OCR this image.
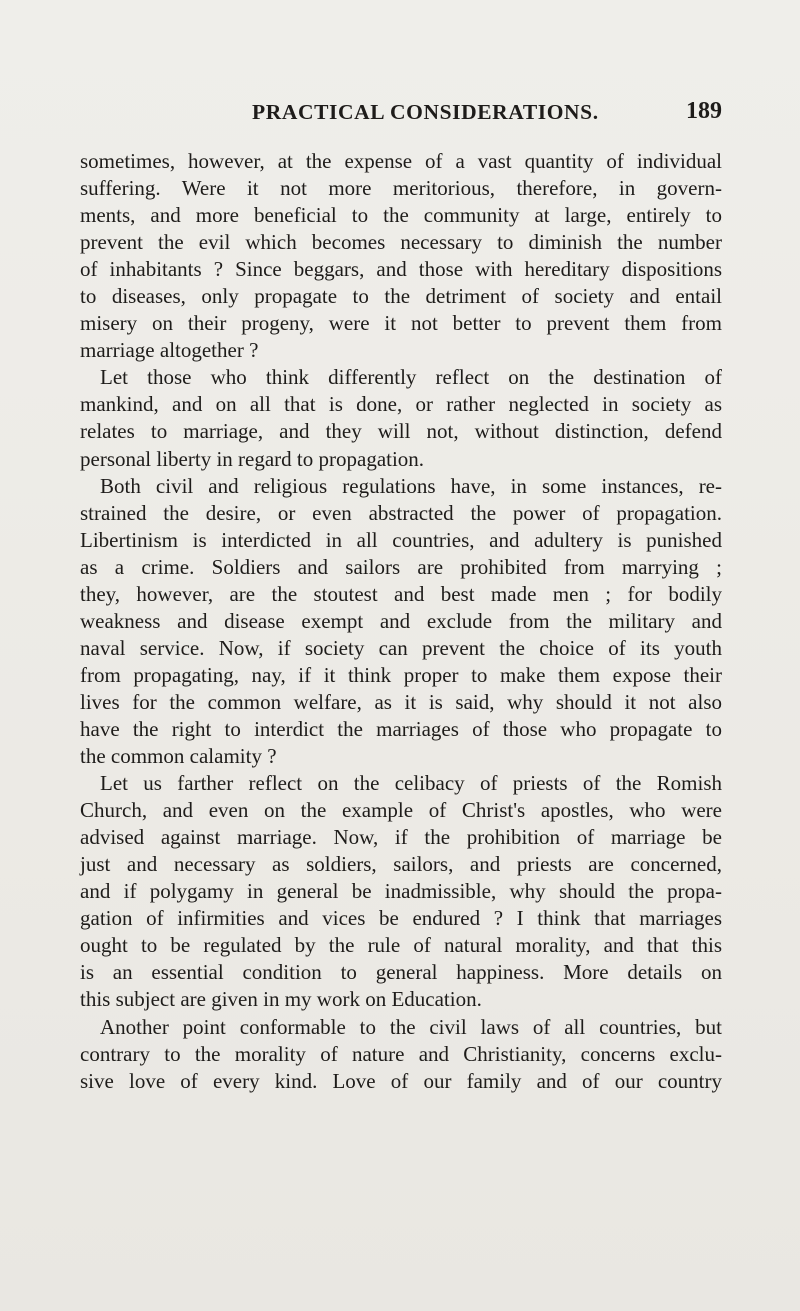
PRACTICAL CONSIDERATIONS.	189
sometimes, however, at the expense of a vast quantity of individual
suffering. Were it not more meritorious, therefore, in govern-
ments, and more beneficial to the community at large, entirely to
prevent the evil which becomes necessary to diminish the number
of inhabitants ? Since beggars, and those with hereditary dispositions
to diseases, only propagate to the detriment of society and entail
misery on their progeny, were it not better to prevent them from
marriage altogether ?
Let those who think differently reflect on the destination of
mankind, and on all that is done, or rather neglected in society as
relates to marriage, and they will not, without distinction, defend
personal liberty in regard to propagation.
Both civil and religious regulations have, in some instances, re-
strained the desire, or even abstracted the power of propagation.
Libertinism is interdicted in all countries, and adultery is punished
as a crime. Soldiers and sailors are prohibited from marrying ;
they, however, are the stoutest and best made men ; for bodily
weakness and disease exempt and exclude from the military and
naval service. Now, if society can prevent the choice of its youth
from propagating, nay, if it think proper to make them expose their
lives for the common welfare, as it is said, why should it not also
have the right to interdict the marriages of those who propagate to
the common calamity ?
Let us farther reflect on the celibacy of priests of the Romish
Church, and even on the example of Christ's apostles, who were
advised against marriage. Now, if the prohibition of marriage be
just and necessary as soldiers, sailors, and priests are concerned,
and if polygamy in general be inadmissible, why should the propa-
gation of infirmities and vices be endured ? I think that marriages
ought to be regulated by the rule of natural morality, and that this
is an essential condition to general happiness. More details on
this subject are given in my work on Education.
Another point conformable to the civil laws of all countries, but
contrary to the morality of nature and Christianity, concerns exclu-
sive love of every kind. Love of our family and of our country
